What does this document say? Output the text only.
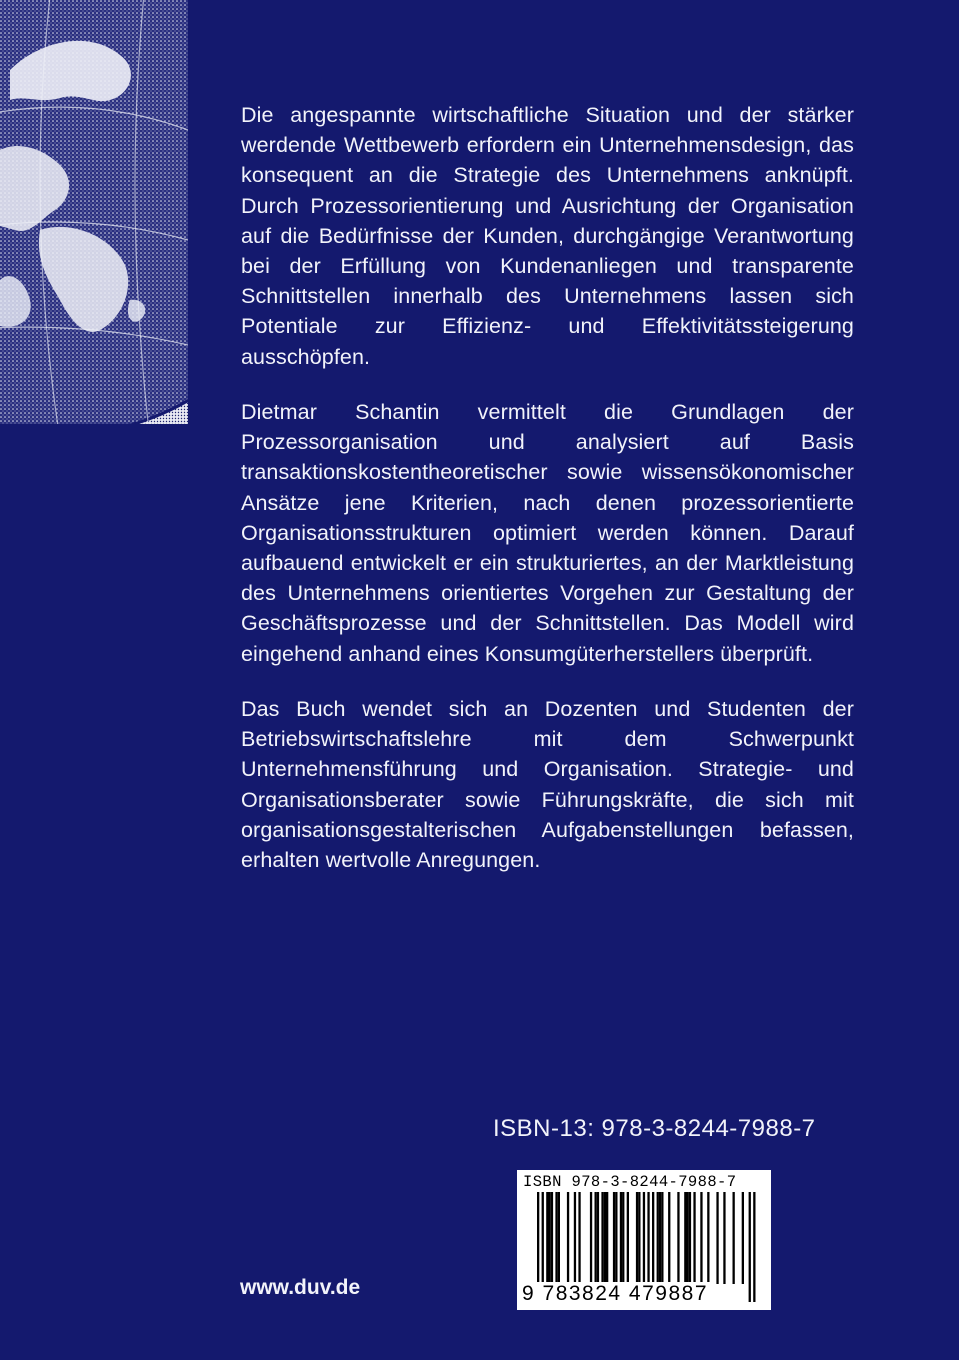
Die angespannte wirtschaftliche Situation und der stärker werdende Wettbewerb erfordern ein Unternehmensdesign, das konsequent an die Strategie des Unternehmens anknüpft. Durch Prozessorientierung und Ausrichtung der Organisation auf die Bedürfnisse der Kunden, durchgängige Verantwortung bei der Erfüllung von Kundenanliegen und transparente Schnittstellen innerhalb des Unternehmens lassen sich Potentiale zur Effizienz- und Effektivitätssteigerung ausschöpfen.

Dietmar Schantin vermittelt die Grundlagen der Prozessorganisation und analysiert auf Basis transaktionskostentheoretischer sowie wissensökonomischer Ansätze jene Kriterien, nach denen prozessorientierte Organisationsstrukturen optimiert werden können. Darauf aufbauend entwickelt er ein strukturiertes, an der Marktleistung des Unternehmens orientiertes Vorgehen zur Gestaltung der Geschäftsprozesse und der Schnittstellen. Das Modell wird eingehend anhand eines Konsumgüterherstellers überprüft.

Das Buch wendet sich an Dozenten und Studenten der Betriebswirtschaftslehre mit dem Schwerpunkt Unternehmensführung und Organisation. Strategie- und Organisationsberater sowie Führungskräfte, die sich mit organisationsgestalterischen Aufgabenstellungen befassen, erhalten wertvolle Anregungen.

ISBN-13: 978-3-8244-7988-7
ISBN 978-3-8244-7988-7
9 783824 479887
www.duv.de
